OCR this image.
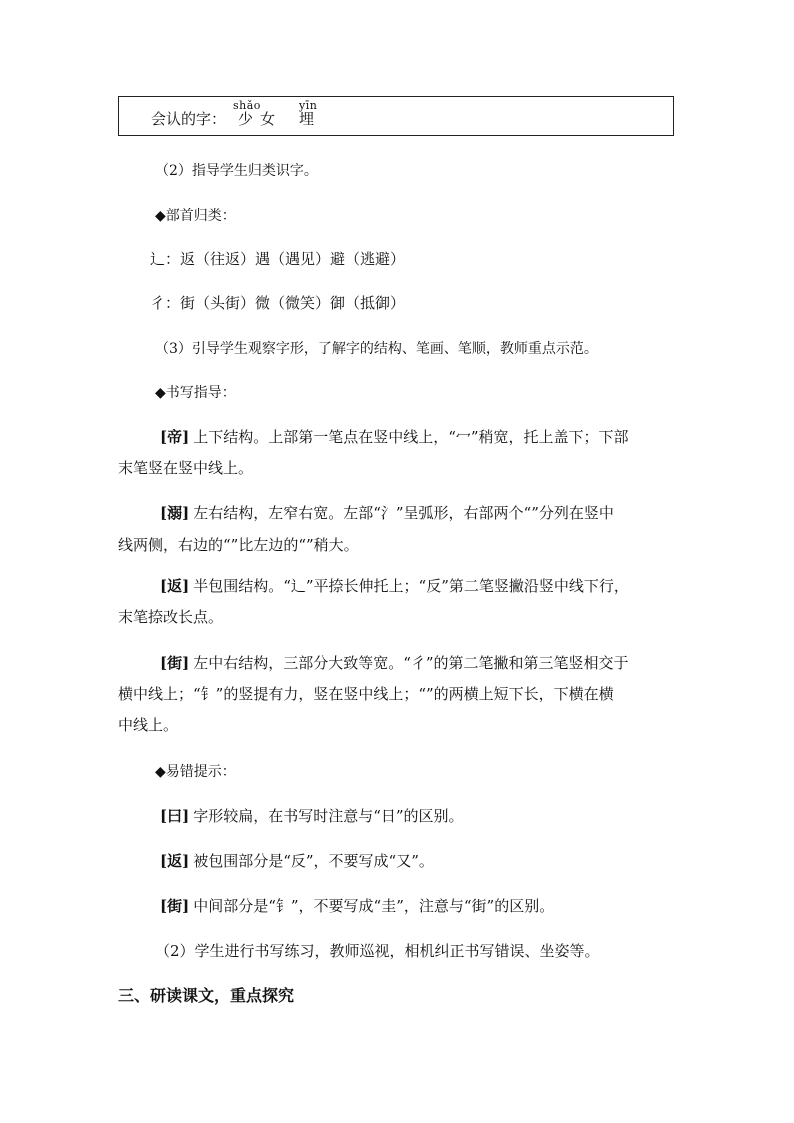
会认的字：
shǎo
少 女
yīn
埋
（2）指导学生归类识字。
◆部首归类：
辶：返（往返）遇（遇见）避（逃避）
彳：街（头街）微（微笑）御（抵御）
（3）引导学生观察字形，了解字的结构、笔画、笔顺，教师重点示范。
◆书写指导：
[帝] 上下结构。上部第一笔点在竖中线上，“冖”稍宽，托上盖下；下部
末笔竖在竖中线上。
[溺] 左右结构，左窄右宽。左部“氵”呈弧形，右部两个“”分列在竖中
线两侧，右边的“”比左边的“”稍大。
[返] 半包围结构。“辶”平捺长伸托上；“反”第二笔竖撇沿竖中线下行，
末笔捺改长点。
[街] 左中右结构，三部分大致等宽。“彳”的第二笔撇和第三笔竖相交于
横中线上；“钅”的竖提有力，竖在竖中线上；“”的两横上短下长，下横在横
中线上。
◆易错提示：
[曰] 字形较扁，在书写时注意与“日”的区别。
[返] 被包围部分是“反”，不要写成“又”。
[街] 中间部分是“钅”，不要写成“圭”，注意与“街”的区别。
（2）学生进行书写练习，教师巡视，相机纠正书写错误、坐姿等。
三、研读课文，重点探究
